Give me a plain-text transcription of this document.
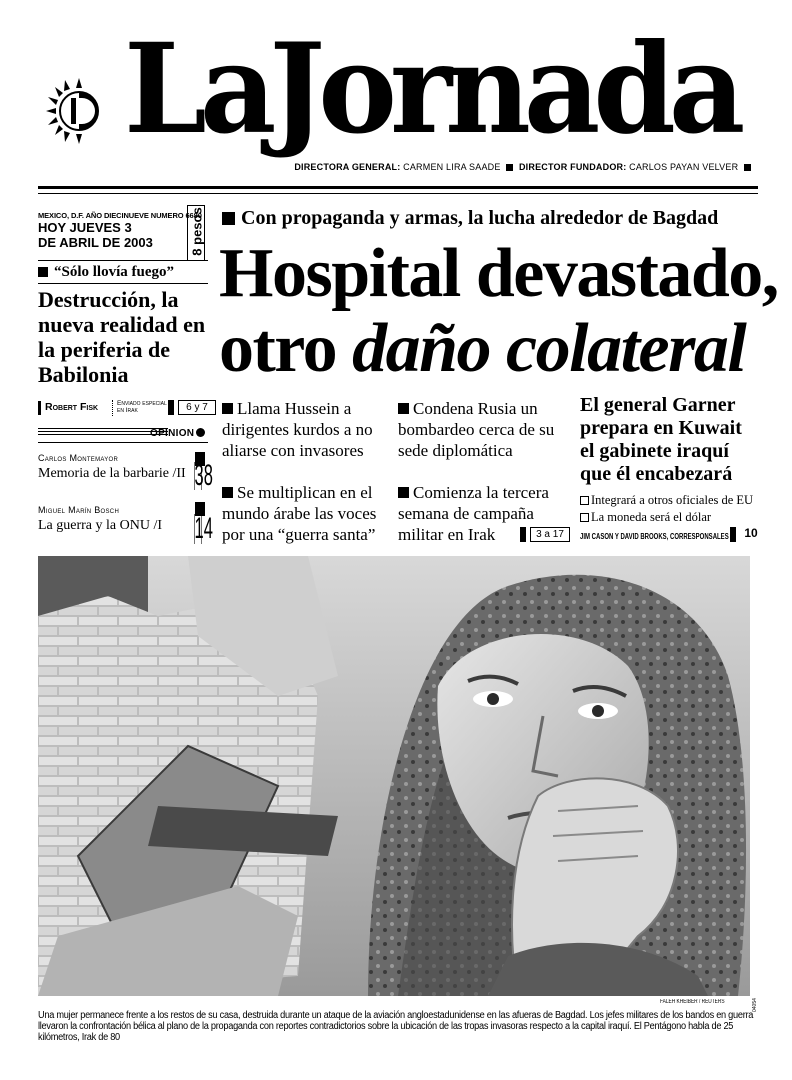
LaJornada
DIRECTORA GENERAL: CARMEN LIRA SAADE DIRECTOR FUNDADOR: CARLOS PAYAN VELVER
MEXICO, D.F. AÑO DIECINUEVE NUMERO 6680
HOY JUEVES 3
DE ABRIL DE 2003	8 pesos
“Sólo llovía fuego”
Destrucción, la nueva realidad en la periferia de Babilonia
Robert Fisk	Enviado especial
en Irak	6 y 7
OPINION
Carlos Montemayor
Memoria de la barbarie /II 38
Miguel Marín Bosch
La guerra y la ONU /I 14
Con propaganda y armas, la lucha alrededor de Bagdad
Hospital devastado,
otro daño colateral
Llama Hussein a dirigentes kurdos a no aliarse con invasores
Condena Rusia un bombardeo cerca de su sede diplomática
Se multiplican en el mundo árabe las voces por una “guerra santa”
Comienza la tercera semana de campaña militar en Irak	3 a 17
El general Garner prepara en Kuwait el gabinete iraquí que él encabezará
Integrará a otros oficiales de EU La moneda será el dólar
JIM CASON Y DAVID BROOKS, CORRESPONSALES	10
FALEH KHEIBER / REUTERS	04054
Una mujer permanece frente a los restos de su casa, destruida durante un ataque de la aviación angloestadunidense en las afueras de Bagdad. Los jefes militares de los bandos en guerra llevaron la confrontación bélica al plano de la propaganda con reportes contradictorios sobre la ubicación de las tropas invasoras respecto a la capital iraquí. El Pentágono habla de 25 kilómetros, Irak de 80
